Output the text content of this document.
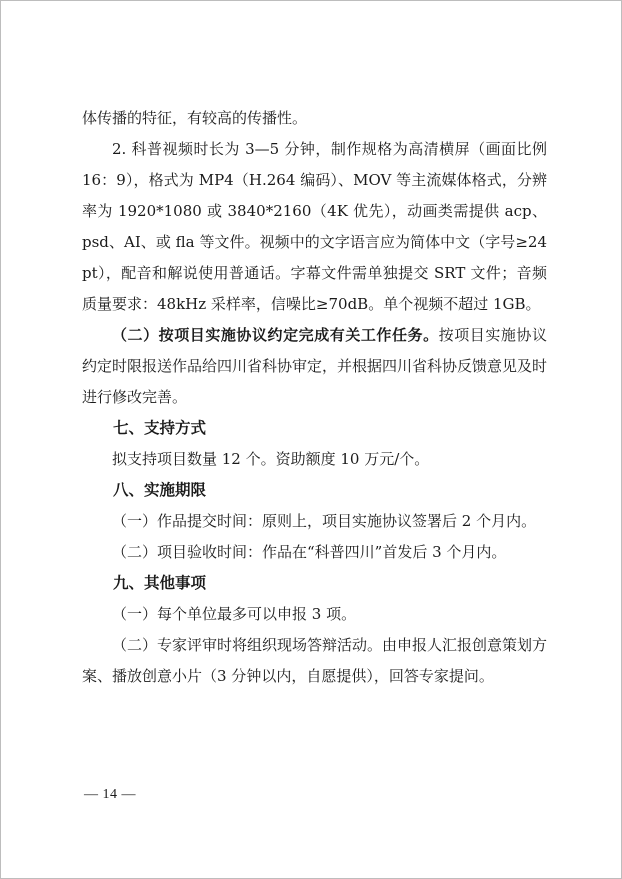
体传播的特征，有较高的传播性。

2. 科普视频时长为 3—5 分钟，制作规格为高清横屏（画面比例 16：9），格式为 MP4（H.264 编码）、MOV 等主流媒体格式，分辨率为 1920*1080 或 3840*2160（4K 优先），动画类需提供 acp、psd、AI、或 fla 等文件。视频中的文字语言应为简体中文（字号≥24pt），配音和解说使用普通话。字幕文件需单独提交 SRT 文件；音频质量要求：48kHz 采样率，信噪比≥70dB。单个视频不超过 1GB。

（二）按项目实施协议约定完成有关工作任务。按项目实施协议约定时限报送作品给四川省科协审定，并根据四川省科协反馈意见及时进行修改完善。

七、支持方式

拟支持项目数量 12 个。资助额度 10 万元/个。

八、实施期限

（一）作品提交时间：原则上，项目实施协议签署后 2 个月内。

（二）项目验收时间：作品在“科普四川”首发后 3 个月内。

九、其他事项

（一）每个单位最多可以申报 3 项。

（二）专家评审时将组织现场答辩活动。由申报人汇报创意策划方案、播放创意小片（3 分钟以内，自愿提供），回答专家提问。

— 14 —
